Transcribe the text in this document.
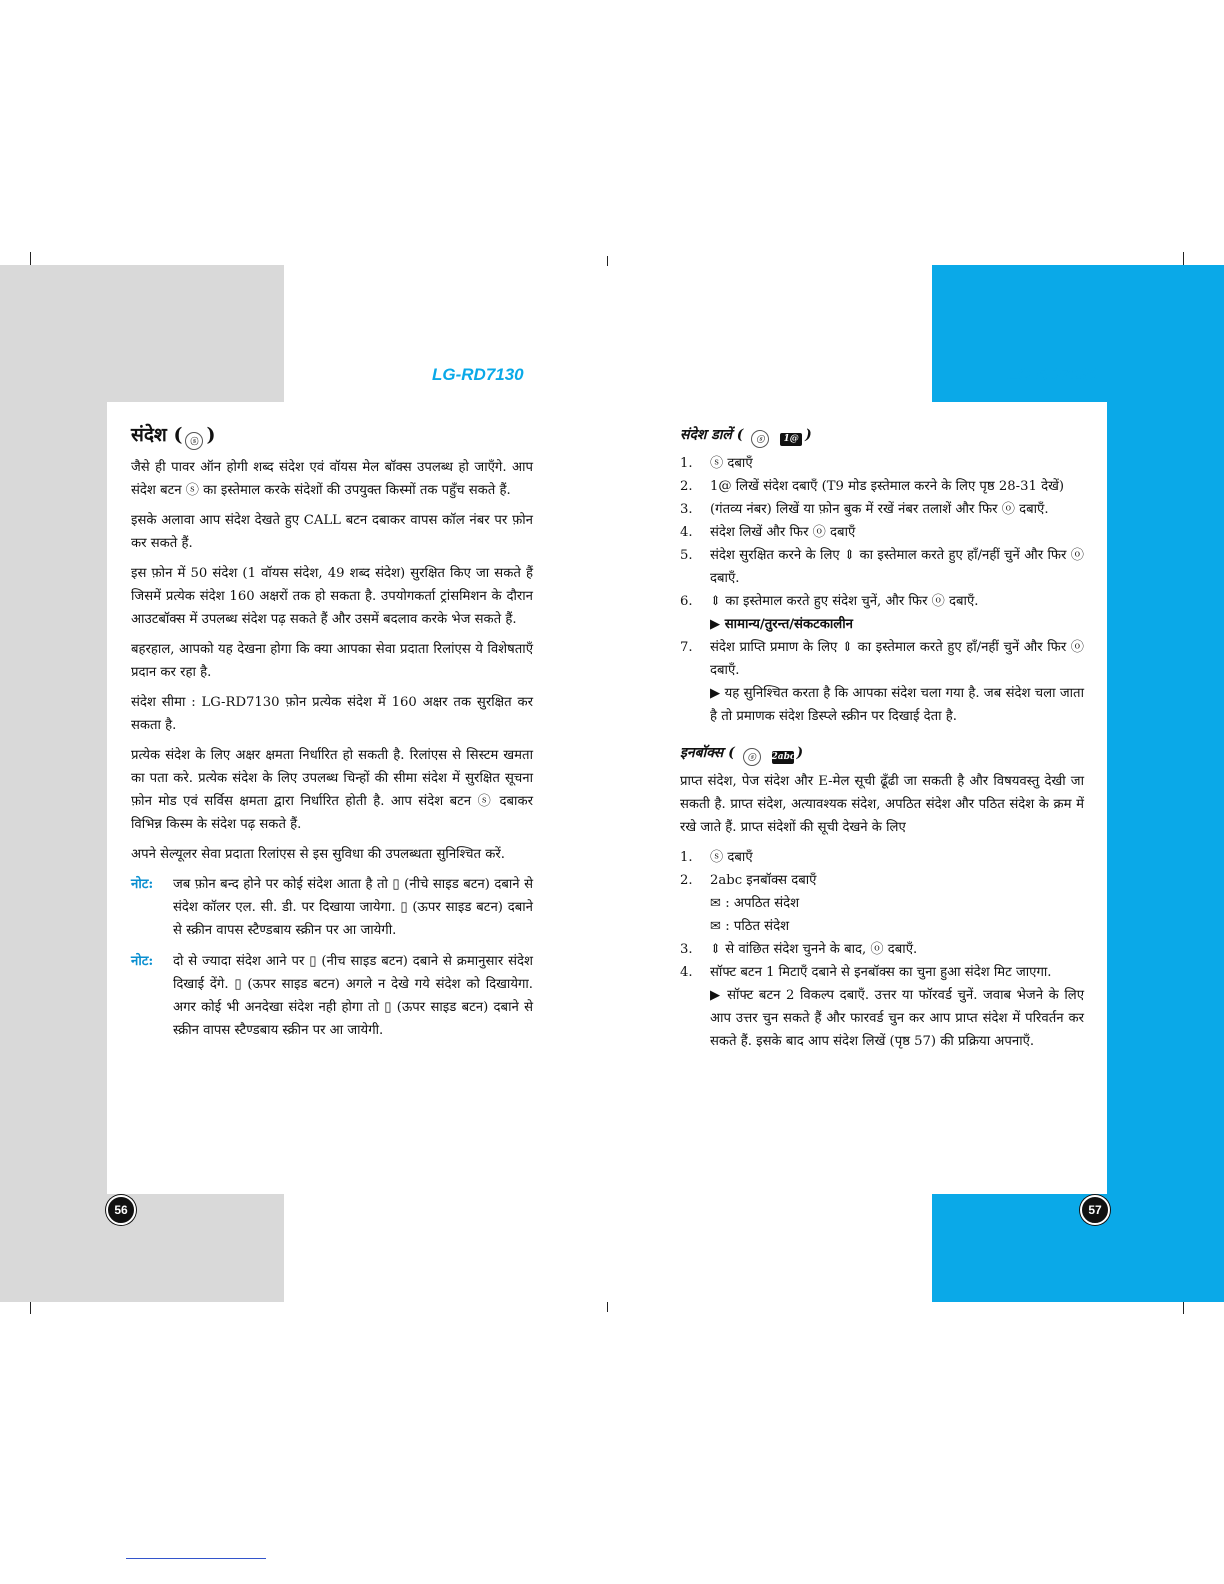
LG-RD7130	LG-RD7130
संदेश ( ⓢ )

जैसे ही पावर ऑन होगी शब्द संदेश एवं वॉयस मेल बॉक्स उपलब्ध हो जाएँगे. आप संदेश बटन ⓢ का इस्तेमाल करके संदेशों की उपयुक्त किस्मों तक पहुँच सकते हैं.

इसके अलावा आप संदेश देखते हुए CALL बटन दबाकर वापस कॉल नंबर पर फ़ोन कर सकते हैं.

इस फ़ोन में 50 संदेश (1 वॉयस संदेश, 49 शब्द संदेश) सुरक्षित किए जा सकते हैं जिसमें प्रत्येक संदेश 160 अक्षरों तक हो सकता है. उपयोगकर्ता ट्रांसमिशन के दौरान आउटबॉक्स में उपलब्ध संदेश पढ़ सकते हैं और उसमें बदलाव करके भेज सकते हैं.

बहरहाल, आपको यह देखना होगा कि क्या आपका सेवा प्रदाता रिलांएस ये विशेषताएँ प्रदान कर रहा है.

संदेश सीमा : LG-RD7130 फ़ोन प्रत्येक संदेश में 160 अक्षर तक सुरक्षित कर सकता है.

प्रत्येक संदेश के लिए अक्षर क्षमता निर्धारित हो सकती है. रिलांएस से सिस्टम खमता का पता करे. प्रत्येक संदेश के लिए उपलब्ध चिन्हों की सीमा संदेश में सुरक्षित सूचना फ़ोन मोड एवं सर्विस क्षमता द्वारा निर्धारित होती है. आप संदेश बटन ⓢ दबाकर विभिन्न किस्म के संदेश पढ़ सकते हैं.

अपने सेल्यूलर सेवा प्रदाता रिलांएस से इस सुविधा की उपलब्धता सुनिश्चित करें.

नोट:	जब फ़ोन बन्द होने पर कोई संदेश आता है तो ▯ (नीचे साइड बटन) दबाने से संदेश कॉलर एल. सी. डी. पर दिखाया जायेगा. ▯ (ऊपर साइड बटन) दबाने से स्क्रीन वापस स्टैण्डबाय स्क्रीन पर आ जायेगी.
नोट:	दो से ज्यादा संदेश आने पर ▯ (नीच साइड बटन) दबाने से क्रमानुसार संदेश दिखाई देंगे. ▯ (ऊपर साइड बटन) अगले न देखे गये संदेश को दिखायेगा. अगर कोई भी अनदेखा संदेश नही होगा तो ▯ (ऊपर साइड बटन) दबाने से स्क्रीन वापस स्टैण्डबाय स्क्रीन पर आ जायेगी.
संदेश डालें ( ⓢ 1@ )
1.	ⓢ दबाएँ
2.	1@ लिखें संदेश दबाएँ (T9 मोड इस्तेमाल करने के लिए पृष्ठ 28-31 देखें)
3.	(गंतव्य नंबर) लिखें या फ़ोन बुक में रखें नंबर तलाशें और फिर ⓞ दबाएँ.
4.	संदेश लिखें और फिर ⓞ दबाएँ
5.	संदेश सुरक्षित करने के लिए ⇕ का इस्तेमाल करते हुए हाँ/नहीं चुनें और फिर ⓞ दबाएँ.
6.	⇕ का इस्तेमाल करते हुए संदेश चुनें, और फिर ⓞ दबाएँ.
▶ सामान्य/तुरन्त/संकटकालीन
7.	संदेश प्राप्ति प्रमाण के लिए ⇕ का इस्तेमाल करते हुए हाँ/नहीं चुनें और फिर ⓞ दबाएँ.
▶ यह सुनिश्चित करता है कि आपका संदेश चला गया है. जब संदेश चला जाता है तो प्रमाणक संदेश डिस्प्ले स्क्रीन पर दिखाई देता है.
इनबॉक्स ( ⓢ 2abc)

प्राप्त संदेश, पेज संदेश और E-मेल सूची ढूँढी जा सकती है और विषयवस्तु देखी जा सकती है. प्राप्त संदेश, अत्यावश्यक संदेश, अपठित संदेश और पठित संदेश के क्रम में रखे जाते हैं. प्राप्त संदेशों की सूची देखने के लिए

1.	ⓢ दबाएँ
2.	2abc इनबॉक्स दबाएँ
✉ : अपठित संदेश
✉ : पठित संदेश
3.	⇕ से वांछित संदेश चुनने के बाद, ⓞ दबाएँ.
4.	सॉफ्ट बटन 1 मिटाएँ दबाने से इनबॉक्स का चुना हुआ संदेश मिट जाएगा.
▶ सॉफ्ट बटन 2 विकल्प दबाएँ. उत्तर या फॉरवर्ड चुनें. जवाब भेजने के लिए आप उत्तर चुन सकते हैं और फारवर्ड चुन कर आप प्राप्त संदेश में परिवर्तन कर सकते हैं. इसके बाद आप संदेश लिखें (पृष्ठ 57) की प्रक्रिया अपनाएँ.
56	57
